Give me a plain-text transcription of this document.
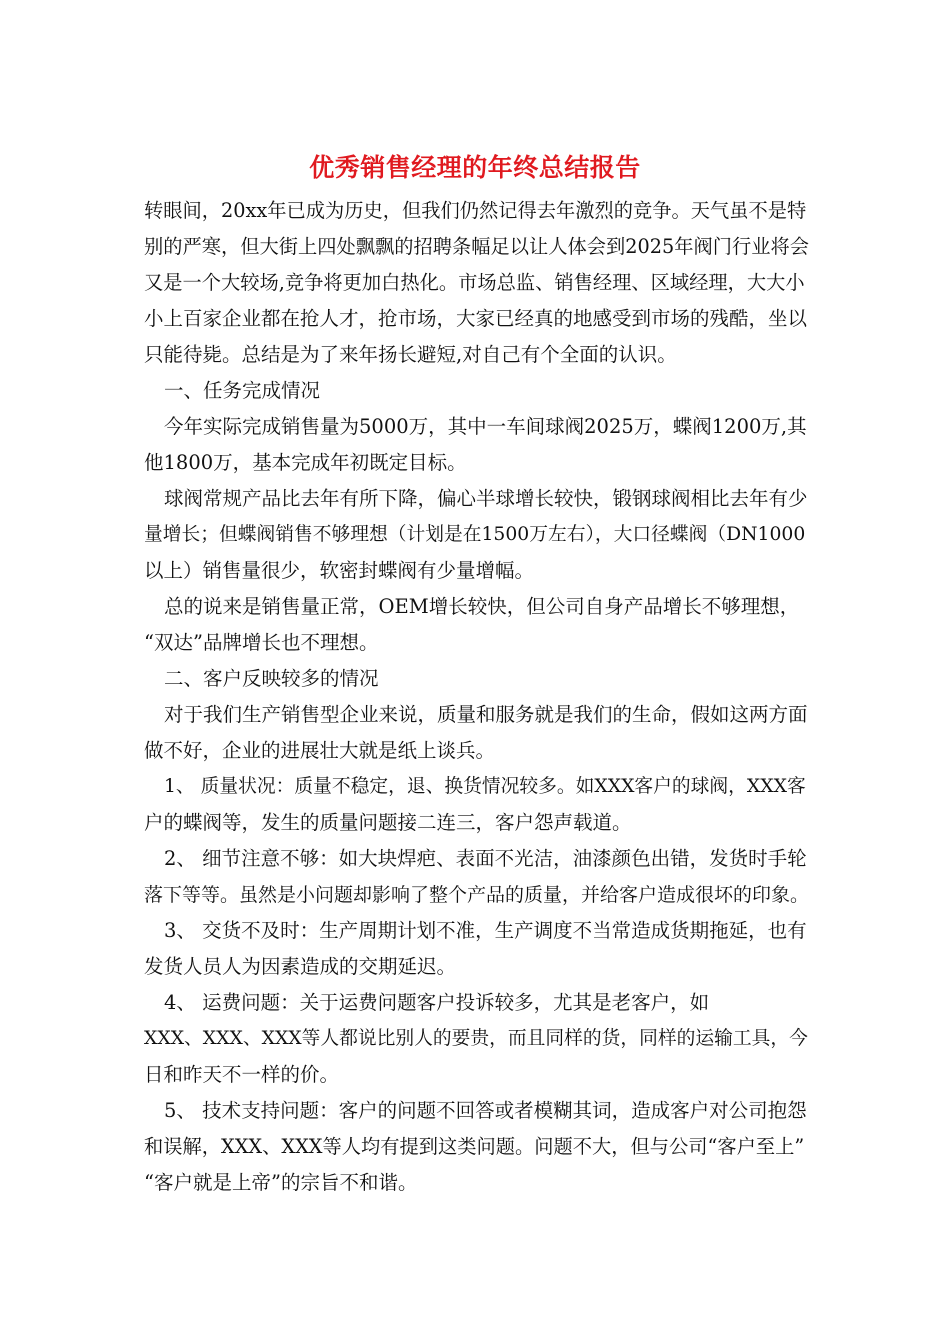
优秀销售经理的年终总结报告
转眼间，20xx年已成为历史，但我们仍然记得去年激烈的竞争。天气虽不是特
别的严寒，但大街上四处飘飘的招聘条幅足以让人体会到2025年阀门行业将会
又是一个大较场,竞争将更加白热化。市场总监、销售经理、区域经理，大大小
小上百家企业都在抢人才，抢市场，大家已经真的地感受到市场的残酷，坐以
只能待毙。总结是为了来年扬长避短,对自己有个全面的认识。
一、任务完成情况
今年实际完成销售量为5000万，其中一车间球阀2025万，蝶阀1200万,其
他1800万，基本完成年初既定目标。
球阀常规产品比去年有所下降，偏心半球增长较快，锻钢球阀相比去年有少
量增长；但蝶阀销售不够理想（计划是在1500万左右），大口径蝶阀（DN1000
以上）销售量很少，软密封蝶阀有少量增幅。
总的说来是销售量正常，OEM增长较快，但公司自身产品增长不够理想，
“双达”品牌增长也不理想。
二、客户反映较多的情况
对于我们生产销售型企业来说，质量和服务就是我们的生命，假如这两方面
做不好，企业的进展壮大就是纸上谈兵。
1、 质量状况：质量不稳定，退、换货情况较多。如XXX客户的球阀，XXX客
户的蝶阀等，发生的质量问题接二连三，客户怨声载道。
2、 细节注意不够：如大块焊疤、表面不光洁，油漆颜色出错，发货时手轮
落下等等。虽然是小问题却影响了整个产品的质量，并给客户造成很坏的印象。
3、 交货不及时：生产周期计划不准，生产调度不当常造成货期拖延，也有
发货人员人为因素造成的交期延迟。
4、 运费问题：关于运费问题客户投诉较多，尤其是老客户，如
XXX、XXX、XXX等人都说比别人的要贵，而且同样的货，同样的运输工具，今
日和昨天不一样的价。
5、 技术支持问题：客户的问题不回答或者模糊其词，造成客户对公司抱怨
和误解，XXX、XXX等人均有提到这类问题。问题不大，但与公司“客户至上”
“客户就是上帝”的宗旨不和谐。
